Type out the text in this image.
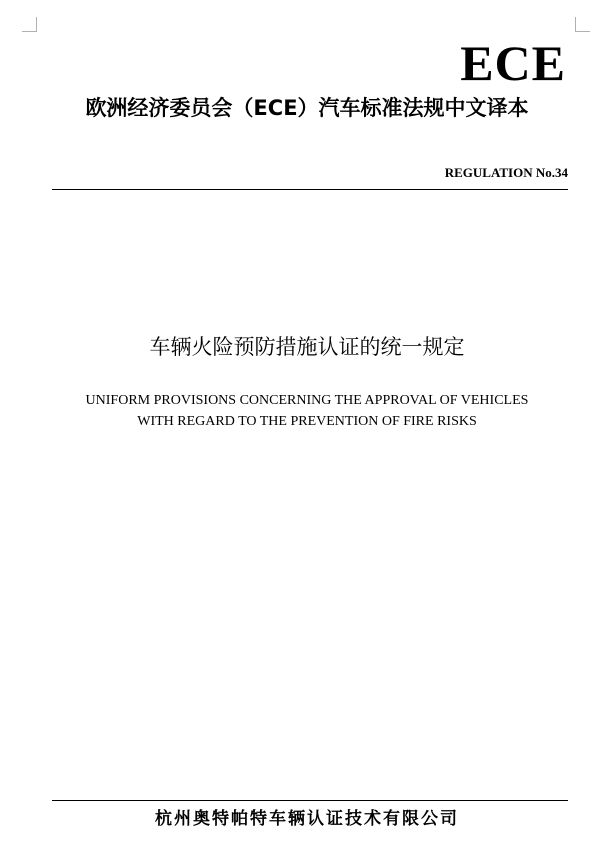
ECE
欧洲经济委员会（ECE）汽车标准法规中文译本
REGULATION No.34
车辆火险预防措施认证的统一规定
UNIFORM PROVISIONS CONCERNING THE APPROVAL OF VEHICLES
WITH REGARD TO THE PREVENTION OF FIRE RISKS
杭州奥特帕特车辆认证技术有限公司
